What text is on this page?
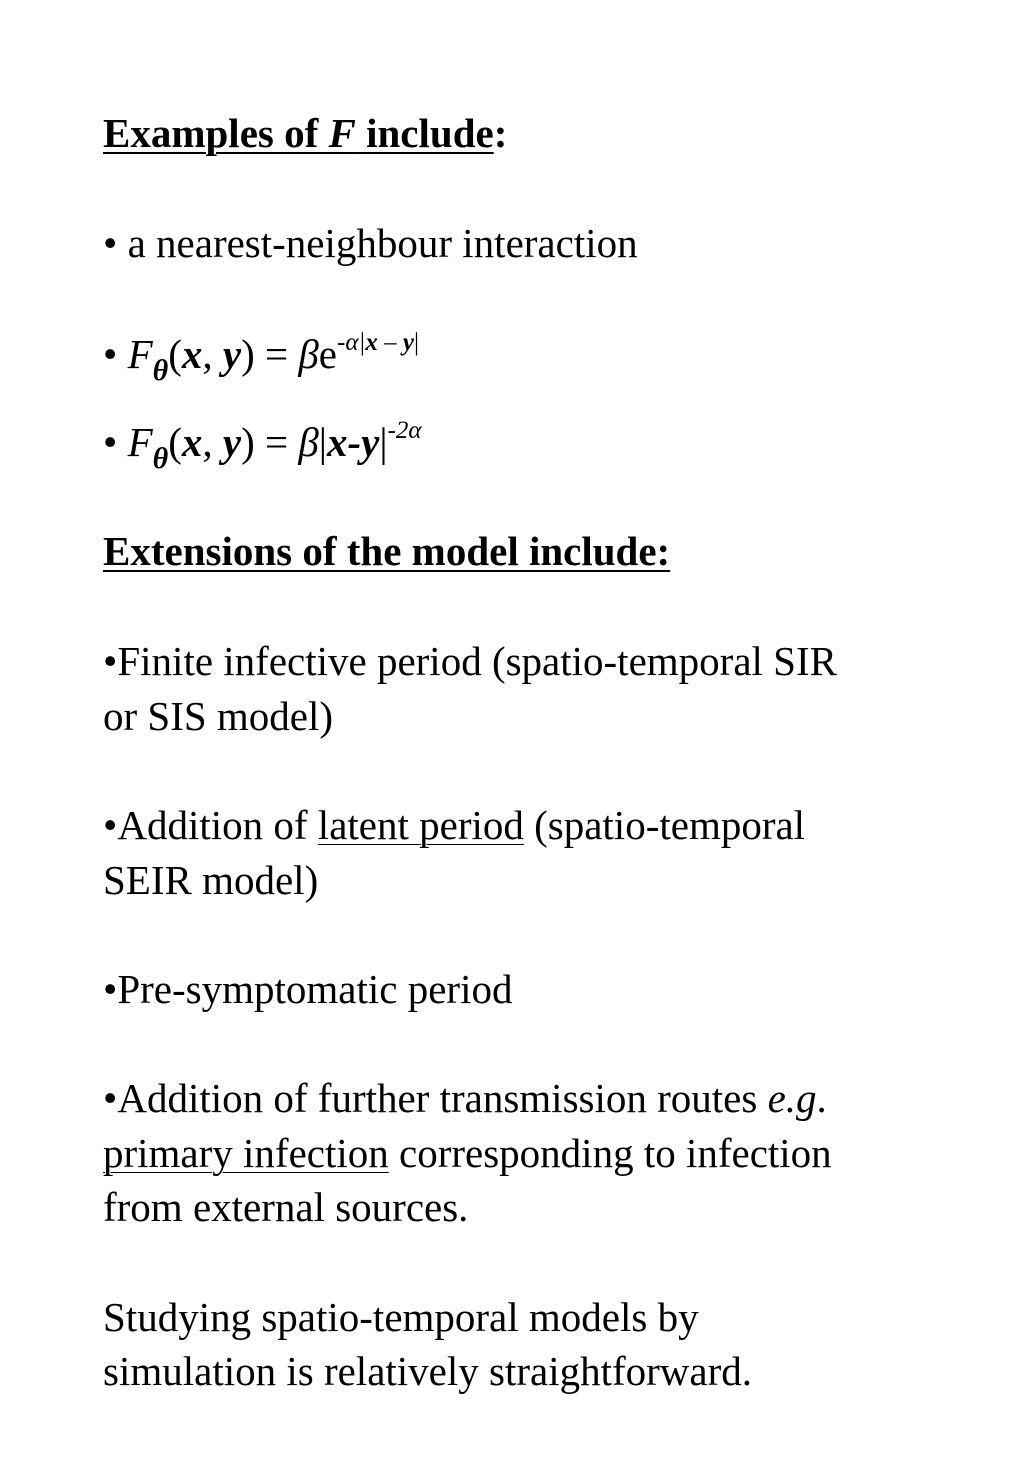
Examples of F include:
• a nearest-neighbour interaction
• $F_\theta(x$, $y) = \beta e^{-\alpha|x - y|}$
• $F_\theta(x$, $y) = \beta|x-y|^{-2\alpha}$
Extensions of the model include:
•Finite infective period (spatio-temporal SIR
or SIS model)
•Addition of latent period (spatio-temporal
SEIR model)
•Pre-symptomatic period
•Addition of further transmission routes e.g.
primary infection corresponding to infection
from external sources.
Studying spatio-temporal models by
simulation is relatively straightforward.
